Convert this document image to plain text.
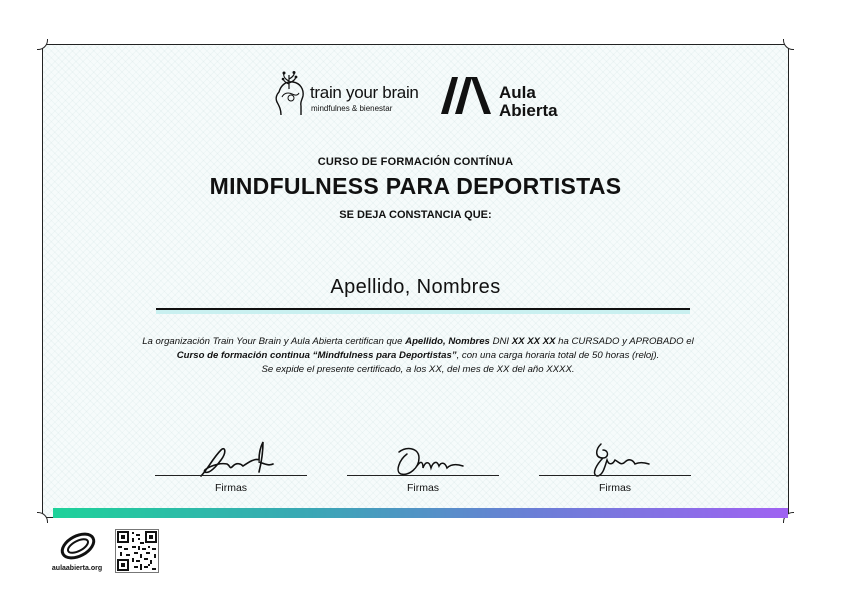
train your brain
mindfulnes & bienestar
Aula
Abierta
CURSO DE FORMACIÓN CONTÍNUA
MINDFULNESS PARA DEPORTISTAS
SE DEJA CONSTANCIA QUE:
Apellido, Nombres
La organización Train Your Brain y Aula Abierta certifican que Apellido, Nombres DNI XX XX XX ha CURSADO y APROBADO el Curso de formación continua “Mindfulness para Deportistas”, con una carga horaria total de 50 horas (reloj).
Se expide el presente certificado, a los XX, del mes de XX del año XXXX.
Firmas	Firmas	Firmas
aulaabierta.org
